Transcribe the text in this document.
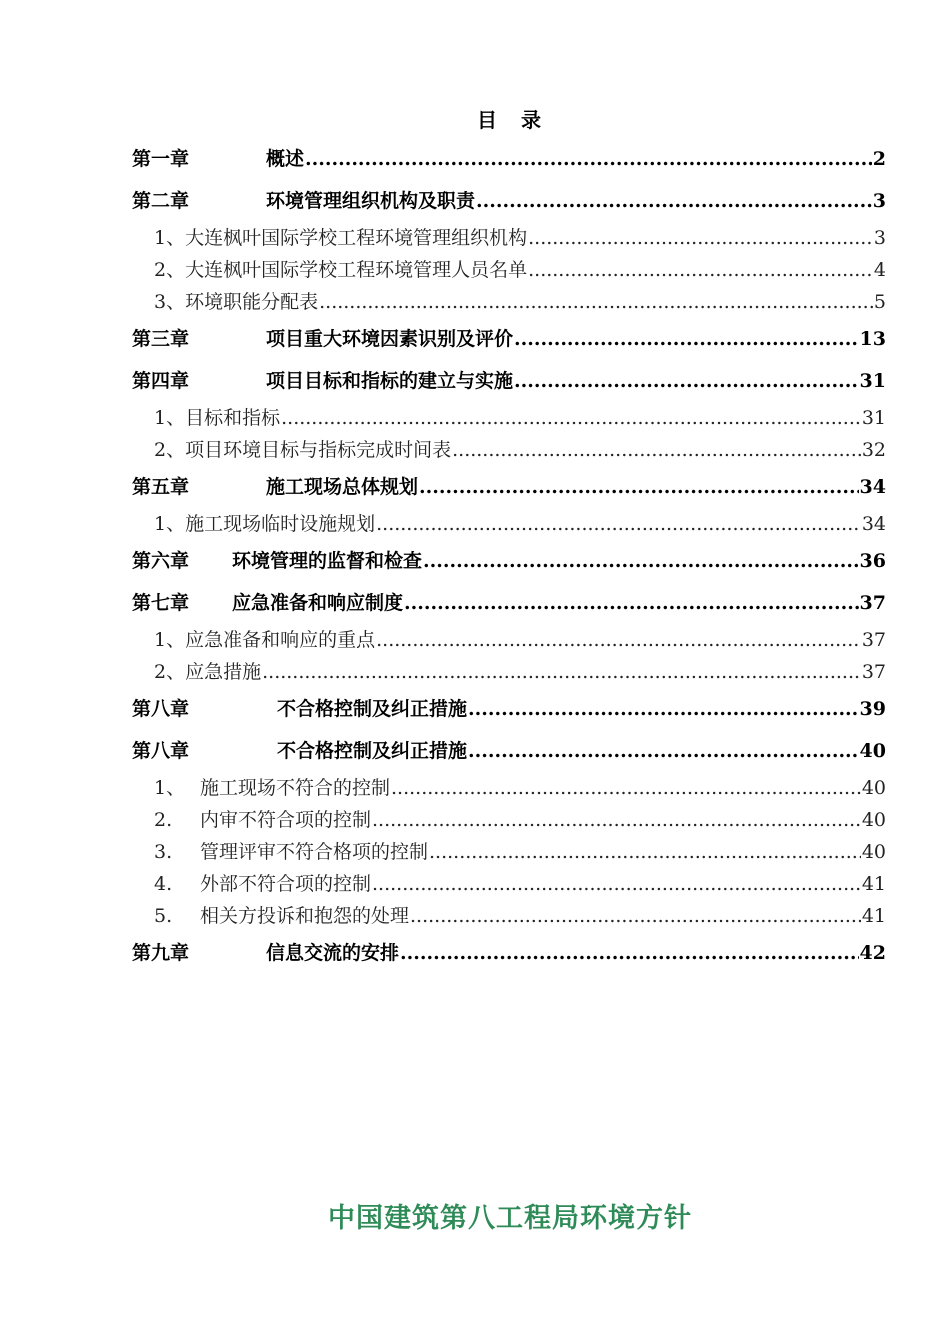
目　录
第一章	概述 .....	2
第二章	环境管理组织机构及职责 .....	3
1、 大连枫叶国际学校工程环境管理组织机构 .....	3
2、 大连枫叶国际学校工程环境管理人员名单 .....	4
3、 环境职能分配表 .....	5
第三章	项目重大环境因素识别及评价 .....	13
第四章	项目目标和指标的建立与实施 .....	31
1、 目标和指标 .....	31
2、 项目环境目标与指标完成时间表 .....	32
第五章	施工现场总体规划 .....	34
1、 施工现场临时设施规划 .....	34
第六章	环境管理的监督和检查 .....	36
第七章	应急准备和响应制度 .....	37
1、 应急准备和响应的重点 .....	37
2、 应急措施 .....	37
第八章	不合格控制及纠正措施 .....	39
第八章	不合格控制及纠正措施 .....	40
1、 施工现场不符合的控制 .....	40
2.	内审不符合项的控制 .....	40
3.	管理评审不符合格项的控制 .....	40
4.	外部不符合项的控制 .....	41
5.	相关方投诉和抱怨的处理 .....	41
第九章	信息交流的安排 .....	42
中国建筑第八工程局环境方针
